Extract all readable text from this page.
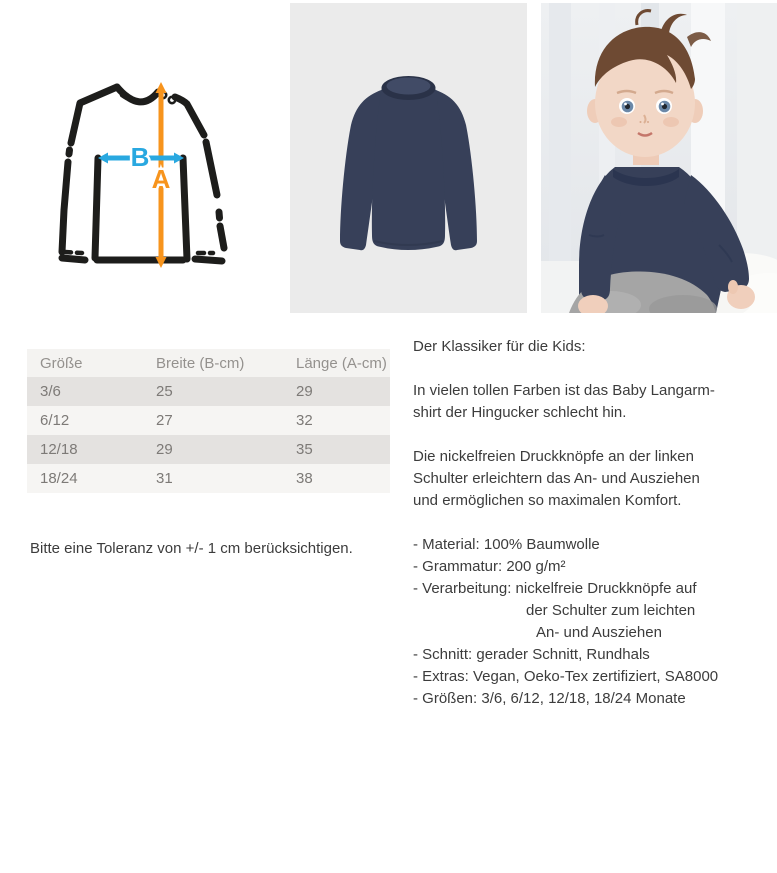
B
A
Größe	Breite (B-cm)	Länge (A-cm)
3/6	25	29
6/12	27	32
12/18	29	35
18/24	31	38

Bitte eine Toleranz von +/- 1 cm berücksichtigen.

Der Klassiker für die Kids:

In vielen tollen Farben ist das Baby Langarm-
shirt der Hingucker schlecht hin.

Die nickelfreien Druckknöpfe an der linken
Schulter erleichtern das An- und Ausziehen
und ermöglichen so maximalen Komfort.

- Material: 100% Baumwolle
- Grammatur: 200 g/m²
- Verarbeitung: nickelfreie Druckknöpfe auf
der Schulter zum leichten
An- und Ausziehen
- Schnitt: gerader Schnitt, Rundhals
- Extras: Vegan, Oeko-Tex zertifiziert, SA8000
- Größen: 3/6, 6/12, 12/18, 18/24 Monate
